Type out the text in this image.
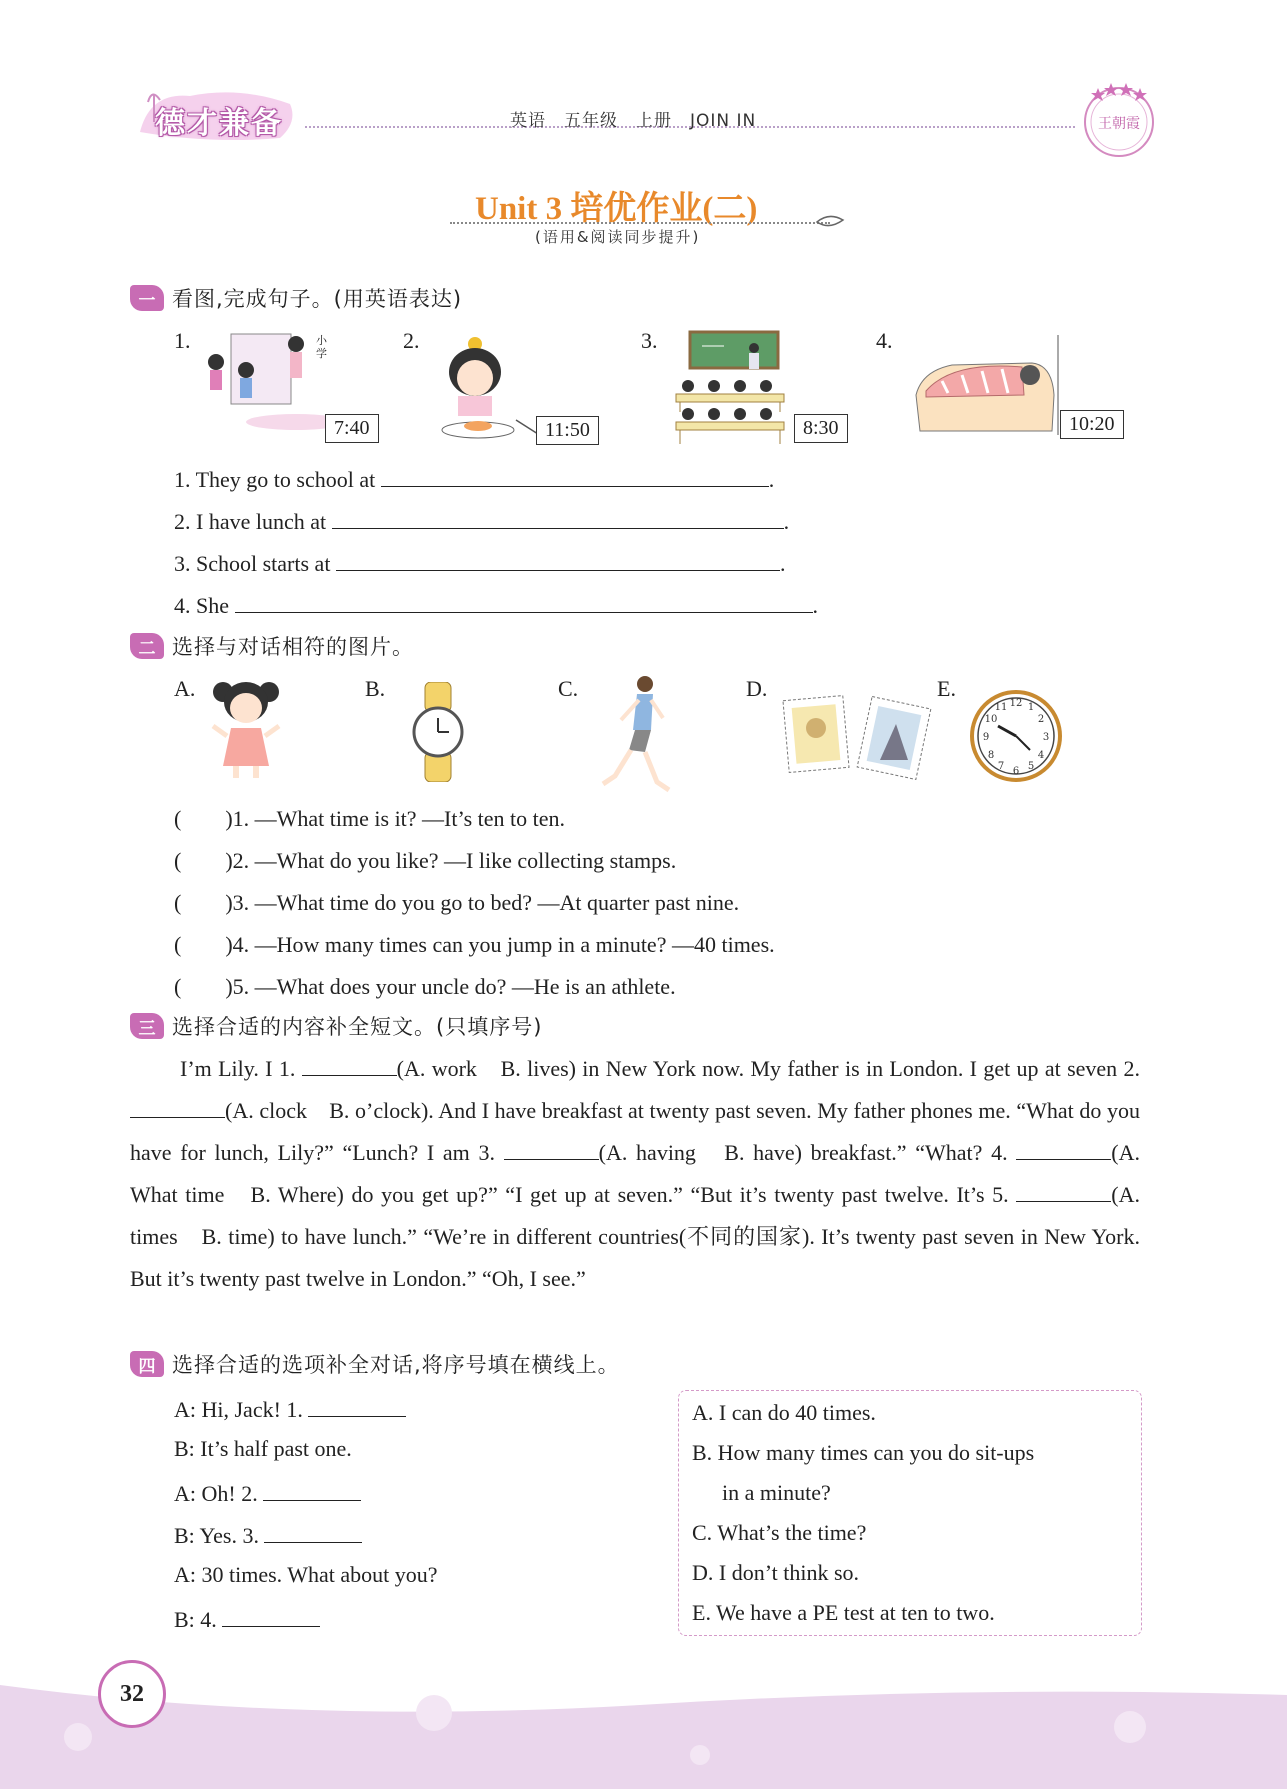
德才兼备	英语　五年级　上册　JOIN IN	王朝霞
Unit 3 培优作业(二)
(语用&阅读同步提升)
一 看图,完成句子。(用英语表达)
1.	小学
7:40
2.
11:50
3.
8:30
4.
10:20
1. They go to school at	.
2. I have lunch at	.
3. School starts at	.
4. She	.
二 选择与对话相符的图片。
A.	B.	C.	D.	E.
12
3
6
9
1
2
4
5
7
8
10
11
(　　)1. —What time is it? —It’s ten to ten.
(　　)2. —What do you like? —I like collecting stamps.
(　　)3. —What time do you go to bed? —At quarter past nine.
(　　)4. —How many times can you jump in a minute? —40 times.
(　　)5. —What does your uncle do? —He is an athlete.
三 选择合适的内容补全短文。(只填序号)
I’m Lily. I 1.	(A. work　B. lives) in New York now. My father is in London. I get up at seven 2. (A. clock　B. o’clock). And I have breakfast at twenty past seven. My father phones me. “What do you have for lunch, Lily?” “Lunch? I am 3.	(A. having　B. have) breakfast.” “What? 4.	(A. What time　B. Where) do you get up?” “I get up at seven.” “But it’s twenty past twelve. It’s 5.	(A. times　B. time) to have lunch.” “We’re in different countries(不同的国家). It’s twenty past seven in New York. But it’s twenty past twelve in London.” “Oh, I see.”
四 选择合适的选项补全对话,将序号填在横线上。
A: Hi, Jack! 1.
B: It’s half past one.
A: Oh! 2.
B: Yes. 3.
A: 30 times. What about you?
B: 4.
A. I can do 40 times.
B. How many times can you do sit-ups
in a minute?
C. What’s the time?
D. I don’t think so.
E. We have a PE test at ten to two.
32
